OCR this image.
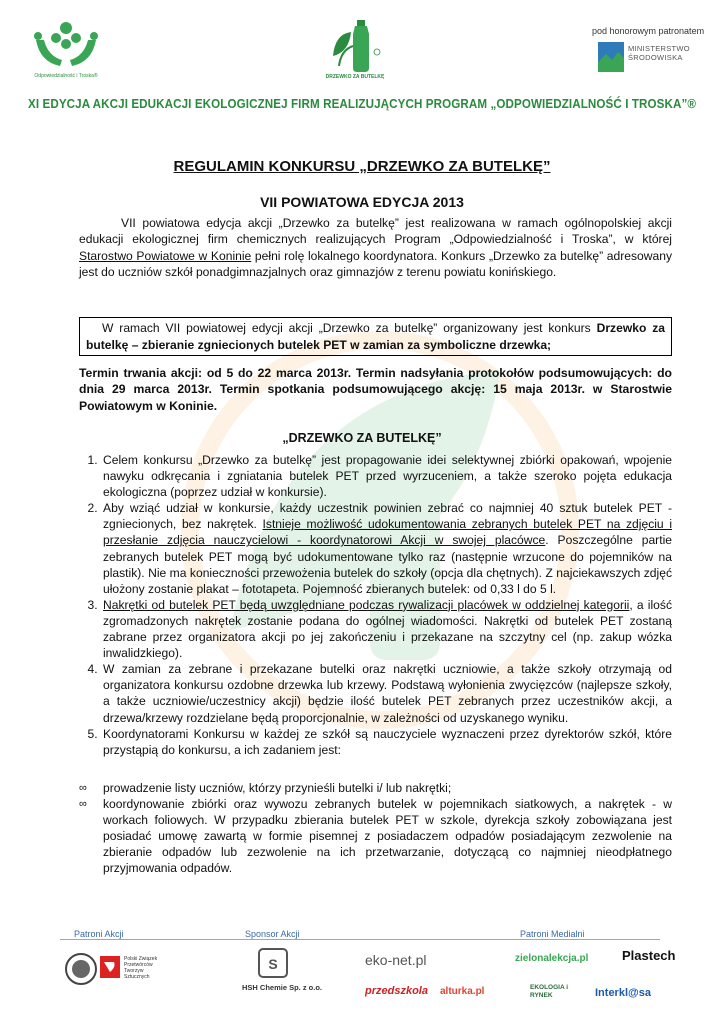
Odpowiedzialność i Troska®	DRZEWKO ZA BUTELKĘ
pod honorowym patronatem
MINISTERSTWO
ŚRODOWISKA
XI EDYCJA AKCJI EDUKACJI EKOLOGICZNEJ FIRM REALIZUJĄCYCH PROGRAM „ODPOWIEDZIALNOŚĆ I TROSKA”®
REGULAMIN KONKURSU „DRZEWKO ZA BUTELKĘ”
VII POWIATOWA EDYCJA 2013
VII powiatowa edycja akcji „Drzewko za butelkę” jest realizowana w ramach ogólnopolskiej akcji edukacji ekologicznej firm chemicznych realizujących Program „Odpowiedzialność i Troska”, w której Starostwo Powiatowe w Koninie pełni rolę lokalnego koordynatora. Konkurs „Drzewko za butelkę” adresowany jest do uczniów szkół ponadgimnazjalnych oraz gimnazjów z terenu powiatu konińskiego.
W ramach VII powiatowej edycji akcji „Drzewko za butelkę” organizowany jest konkurs Drzewko za butelkę – zbieranie zgniecionych butelek PET w zamian za symboliczne drzewka;
Termin trwania akcji: od 5 do 22 marca 2013r. Termin nadsyłania protokołów podsumowujących: do dnia 29 marca 2013r. Termin spotkania podsumowującego akcję: 15 maja 2013r. w Starostwie Powiatowym w Koninie.
„DRZEWKO ZA BUTELKĘ”
1. Celem konkursu „Drzewko za butelkę” jest propagowanie idei selektywnej zbiórki opakowań, wpojenie nawyku odkręcania i zgniatania butelek PET przed wyrzuceniem, a także szeroko pojęta edukacja ekologiczna (poprzez udział w konkursie).
2. Aby wziąć udział w konkursie, każdy uczestnik powinien zebrać co najmniej 40 sztuk butelek PET - zgniecionych, bez nakrętek. Istnieje możliwość udokumentowania zebranych butelek PET na zdjęciu i przesłanie zdjęcia nauczycielowi - koordynatorowi Akcji w swojej placówce. Poszczególne partie zebranych butelek PET mogą być udokumentowane tylko raz (następnie wrzucone do pojemników na plastik). Nie ma konieczności przewożenia butelek do szkoły (opcja dla chętnych). Z najciekawszych zdjęć ułożony zostanie plakat – fototapeta. Pojemność zbieranych butelek: od 0,33 l do 5 l.
3. Nakrętki od butelek PET będą uwzględniane podczas rywalizacji placówek w oddzielnej kategorii, a ilość zgromadzonych nakrętek zostanie podana do ogólnej wiadomości. Nakrętki od butelek PET zostaną zabrane przez organizatora akcji po jej zakończeniu i przekazane na szczytny cel (np. zakup wózka inwalidzkiego).
4. W zamian za zebrane i przekazane butelki oraz nakrętki uczniowie, a także szkoły otrzymają od organizatora konkursu ozdobne drzewka lub krzewy. Podstawą wyłonienia zwycięzców (najlepsze szkoły, a także uczniowie/uczestnicy akcji) będzie ilość butelek PET zebranych przez uczestników akcji, a drzewa/krzewy rozdzielane będą proporcjonalnie, w zależności od uzyskanego wyniku.
5. Koordynatorami Konkursu w każdej ze szkół są nauczyciele wyznaczeni przez dyrektorów szkół, które przystąpią do konkursu, a ich zadaniem jest:
∞ prowadzenie listy uczniów, którzy przynieśli butelki i/ lub nakrętki;
∞ koordynowanie zbiórki oraz wywozu zebranych butelek w pojemnikach siatkowych, a nakrętek - w workach foliowych. W przypadku zbierania butelek PET w szkole, dyrekcja szkoły zobowiązana jest posiadać umowę zawartą w formie pisemnej z posiadaczem odpadów posiadającym zezwolenie na zbieranie odpadów lub zezwolenie na ich przetwarzanie, dotyczącą co najmniej nieodpłatnego przyjmowania odpadów.
Patroni Akcji	Sponsor Akcji	Patroni Medialni
Polski Związek Przetwórców Tworzyw Sztucznych
S
HSH Chemie Sp. z o.o.
eko-net.pl	zielonalekcja.pl	Plastech
przedszkola alturka.pl	EKOLOGIA i RYNEK	Interkl@sa
